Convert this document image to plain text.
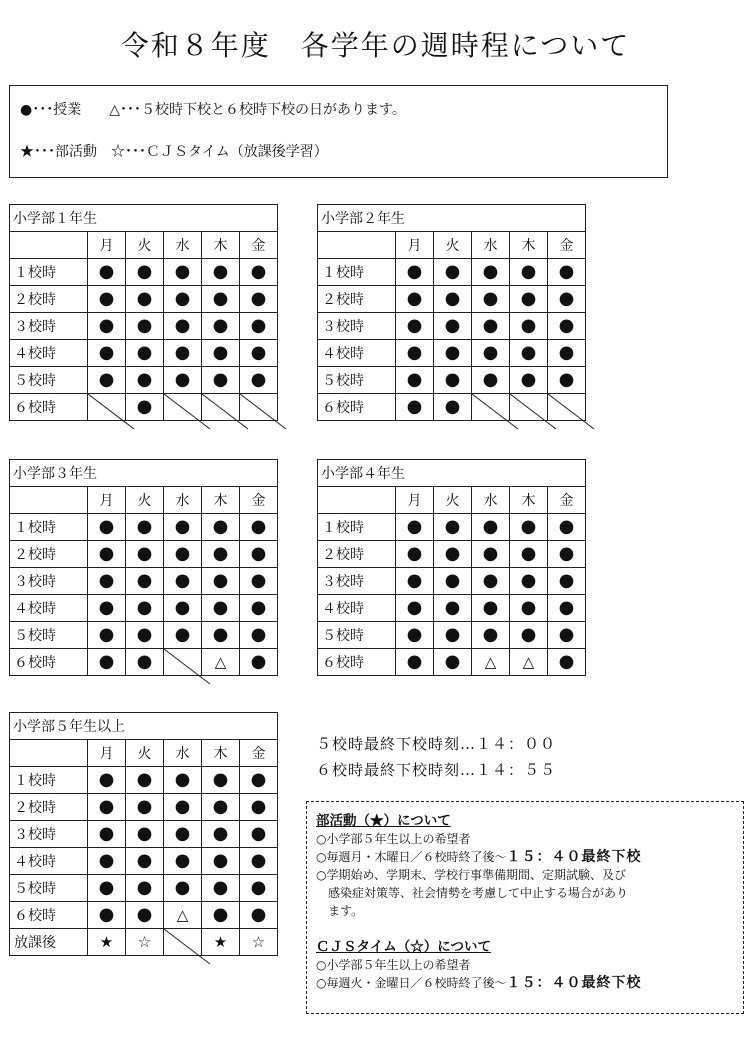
令和８年度　各学年の週時程について
●･･･授業　　△･･･５校時下校と６校時下校の日があります。
★･･･部活動　☆･･･ＣＪＳタイム（放課後学習）
小学部１年生					
	月	火	水	木	金
１校時	●	●	●	●	●
２校時	●	●	●	●	●
３校時	●	●	●	●	●
４校時	●	●	●	●	●
５校時	●	●	●	●	●
６校時		●	

小学部２年生					
	月	火	水	木	金
１校時	●	●	●	●	●
２校時	●	●	●	●	●
３校時	●	●	●	●	●
４校時	●	●	●	●	●
５校時	●	●	●	●	●
６校時	●	●	

小学部３年生					
	月	火	水	木	金
１校時	●	●	●	●	●
２校時	●	●	●	●	●
３校時	●	●	●	●	●
４校時	●	●	●	●	●
５校時	●	●	●	●	●
６校時	●	●		△	●
小学部４年生					
	月	火	水	木	金
１校時	●	●	●	●	●
２校時	●	●	●	●	●
３校時	●	●	●	●	●
４校時	●	●	●	●	●
５校時	●	●	●	●	●
６校時	●	●	△	△	●
小学部５年生以上					
	月	火	水	木	金
１校時	●	●	●	●	●
２校時	●	●	●	●	●
３校時	●	●	●	●	●
４校時	●	●	●	●	●
５校時	●	●	●	●	●
６校時	●	●	△	●	●
放課後	★	☆		★	☆
５校時最終下校時刻…１４：００
６校時最終下校時刻…１４：５５
部活動（★）について
○小学部５年生以上の希望者
○毎週月・木曜日／６校時終了後～１５：４０最終下校
○学期始め、学期末、学校行事準備期間、定期試験、及び
感染症対策等、社会情勢を考慮して中止する場合があり
ます。
ＣＪＳタイム（☆）について
○小学部５年生以上の希望者
○毎週火・金曜日／６校時終了後～１５：４０最終下校
